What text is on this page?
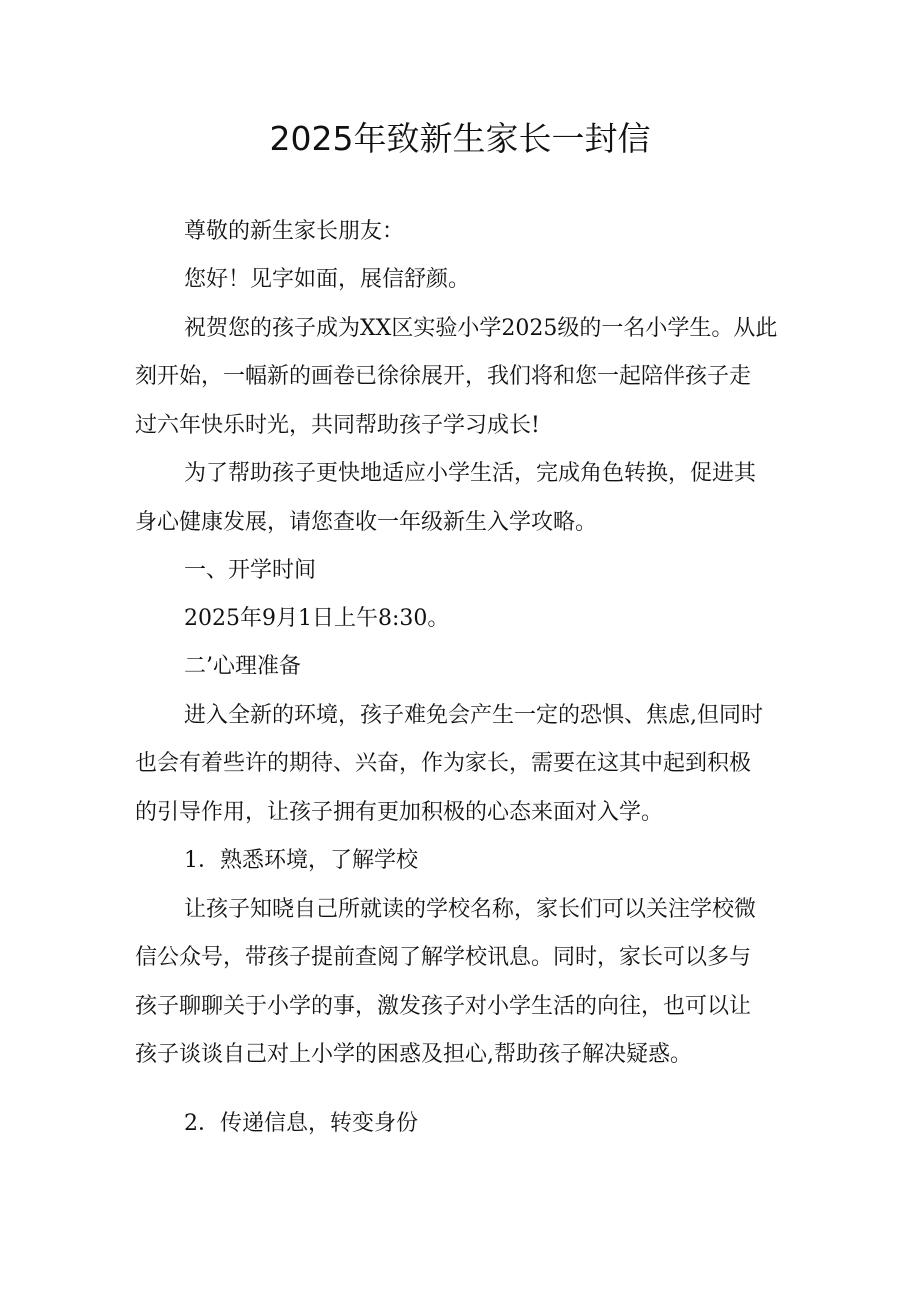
2025年致新生家长一封信
尊敬的新生家长朋友：
您好！见字如面，展信舒颜。
祝贺您的孩子成为XX区实验小学2025级的一名小学生。从此
刻开始，一幅新的画卷已徐徐展开，我们将和您一起陪伴孩子走
过六年快乐时光，共同帮助孩子学习成长!
为了帮助孩子更快地适应小学生活，完成角色转换，促进其
身心健康发展，请您查收一年级新生入学攻略。
一、开学时间
2025年9月1日上午8:30。
二’心理准备
进入全新的环境，孩子难免会产生一定的恐惧、焦虑,但同时
也会有着些许的期待、兴奋，作为家长，需要在这其中起到积极
的引导作用，让孩子拥有更加积极的心态来面对入学。
1．熟悉环境，了解学校
让孩子知晓自己所就读的学校名称，家长们可以关注学校微
信公众号，带孩子提前查阅了解学校讯息。同时，家长可以多与
孩子聊聊关于小学的事，激发孩子对小学生活的向往，也可以让
孩子谈谈自己对上小学的困惑及担心,帮助孩子解决疑惑。
2．传递信息，转变身份
